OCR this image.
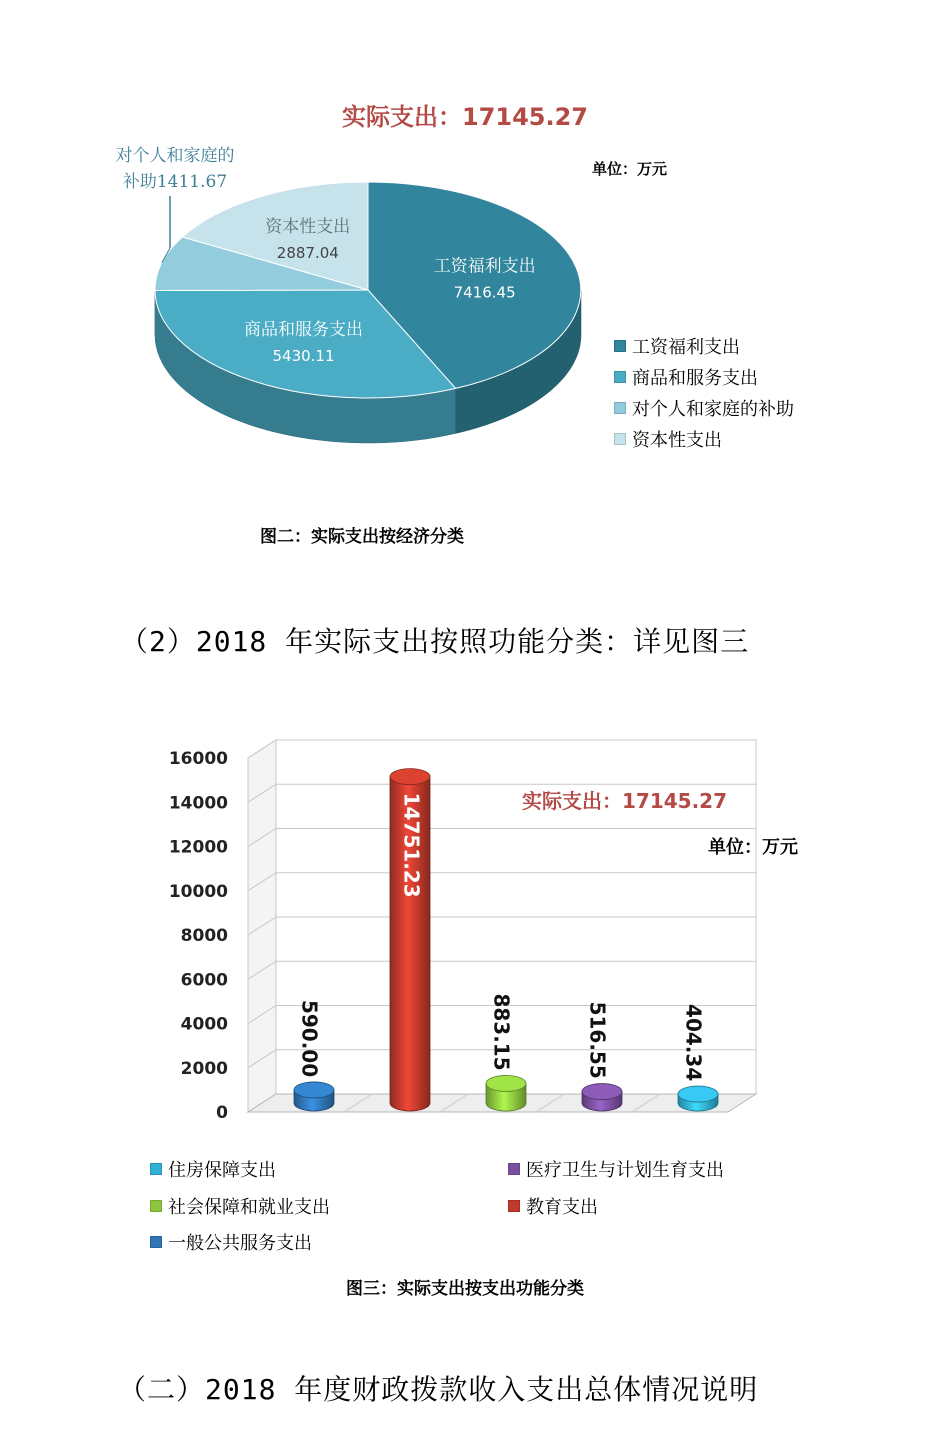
实际支出：17145.27
单位：万元
工资福利支出
7416.45
商品和服务支出
5430.11
资本性支出
2887.04
对个人和家庭的
补助1411.67
工资福利支出
商品和服务支出
对个人和家庭的补助
资本性支出
图二：实际支出按经济分类
（2）2018 年实际支出按照功能分类：详见图三
0
2000
4000
6000
8000
10000
12000
14000
16000
590.00
14751.23
883.15	516.55	404.34
实际支出：17145.27
单位：万元
住房保障支出	医疗卫生与计划生育支出
社会保障和就业支出	教育支出
一般公共服务支出
图三：实际支出按支出功能分类
（二）2018 年度财政拨款收入支出总体情况说明
